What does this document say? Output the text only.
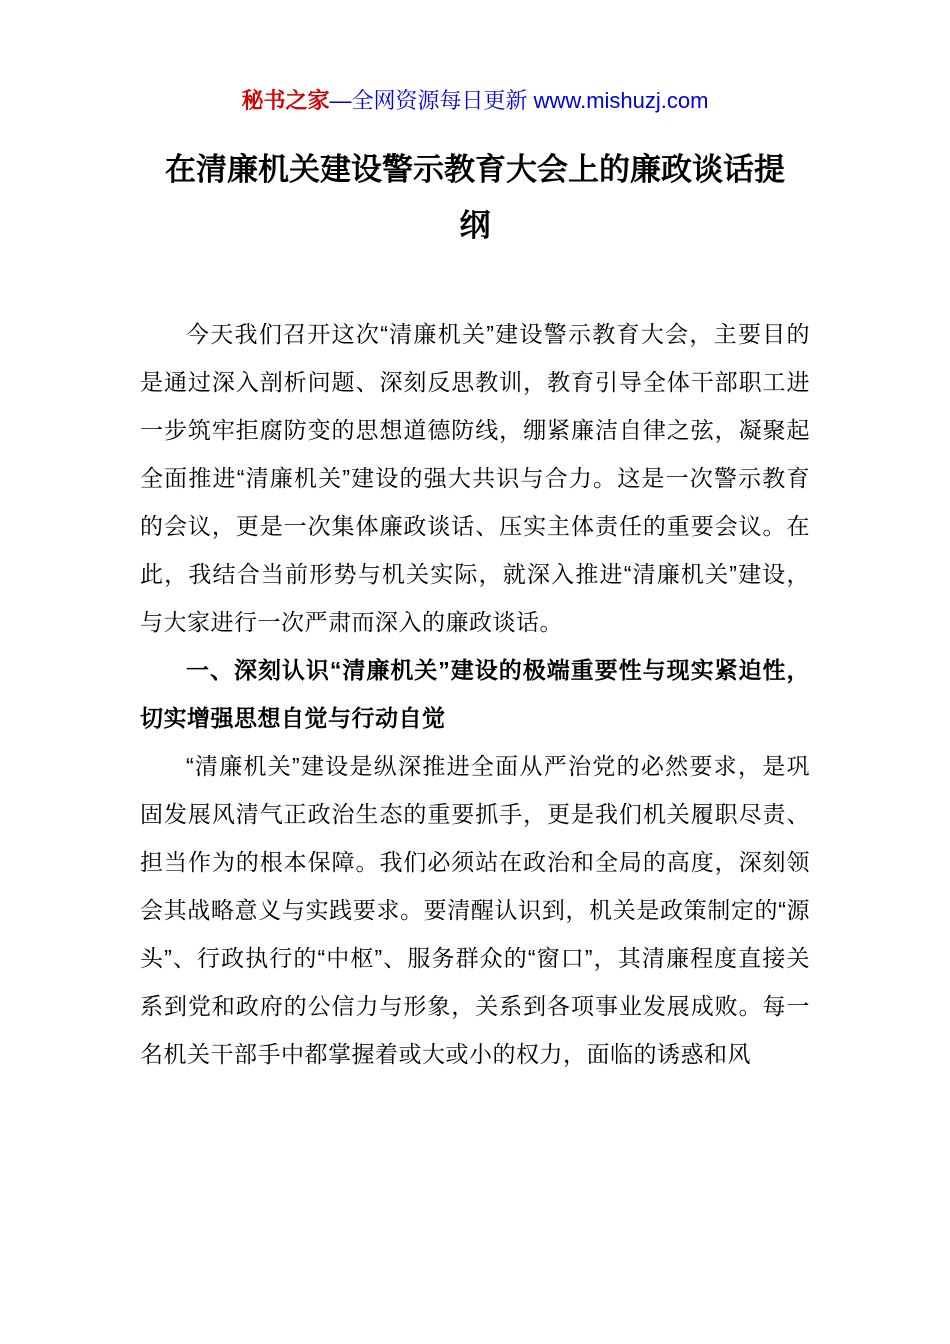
秘书之家—全网资源每日更新 www.mishuzj.com
在清廉机关建设警示教育大会上的廉政谈话提纲

今天我们召开这次“清廉机关”建设警示教育大会，主要目的是通过深入剖析问题、深刻反思教训，教育引导全体干部职工进一步筑牢拒腐防变的思想道德防线，绷紧廉洁自律之弦，凝聚起全面推进“清廉机关”建设的强大共识与合力。这是一次警示教育的会议，更是一次集体廉政谈话、压实主体责任的重要会议。在此，我结合当前形势与机关实际，就深入推进“清廉机关”建设，与大家进行一次严肃而深入的廉政谈话。

一、深刻认识“清廉机关”建设的极端重要性与现实紧迫性，切实增强思想自觉与行动自觉

“清廉机关”建设是纵深推进全面从严治党的必然要求，是巩固发展风清气正政治生态的重要抓手，更是我们机关履职尽责、担当作为的根本保障。我们必须站在政治和全局的高度，深刻领会其战略意义与实践要求。要清醒认识到，机关是政策制定的“源头”、行政执行的“中枢”、服务群众的“窗口”，其清廉程度直接关系到党和政府的公信力与形象，关系到各项事业发展成败。每一名机关干部手中都掌握着或大或小的权力，面临的诱惑和风
